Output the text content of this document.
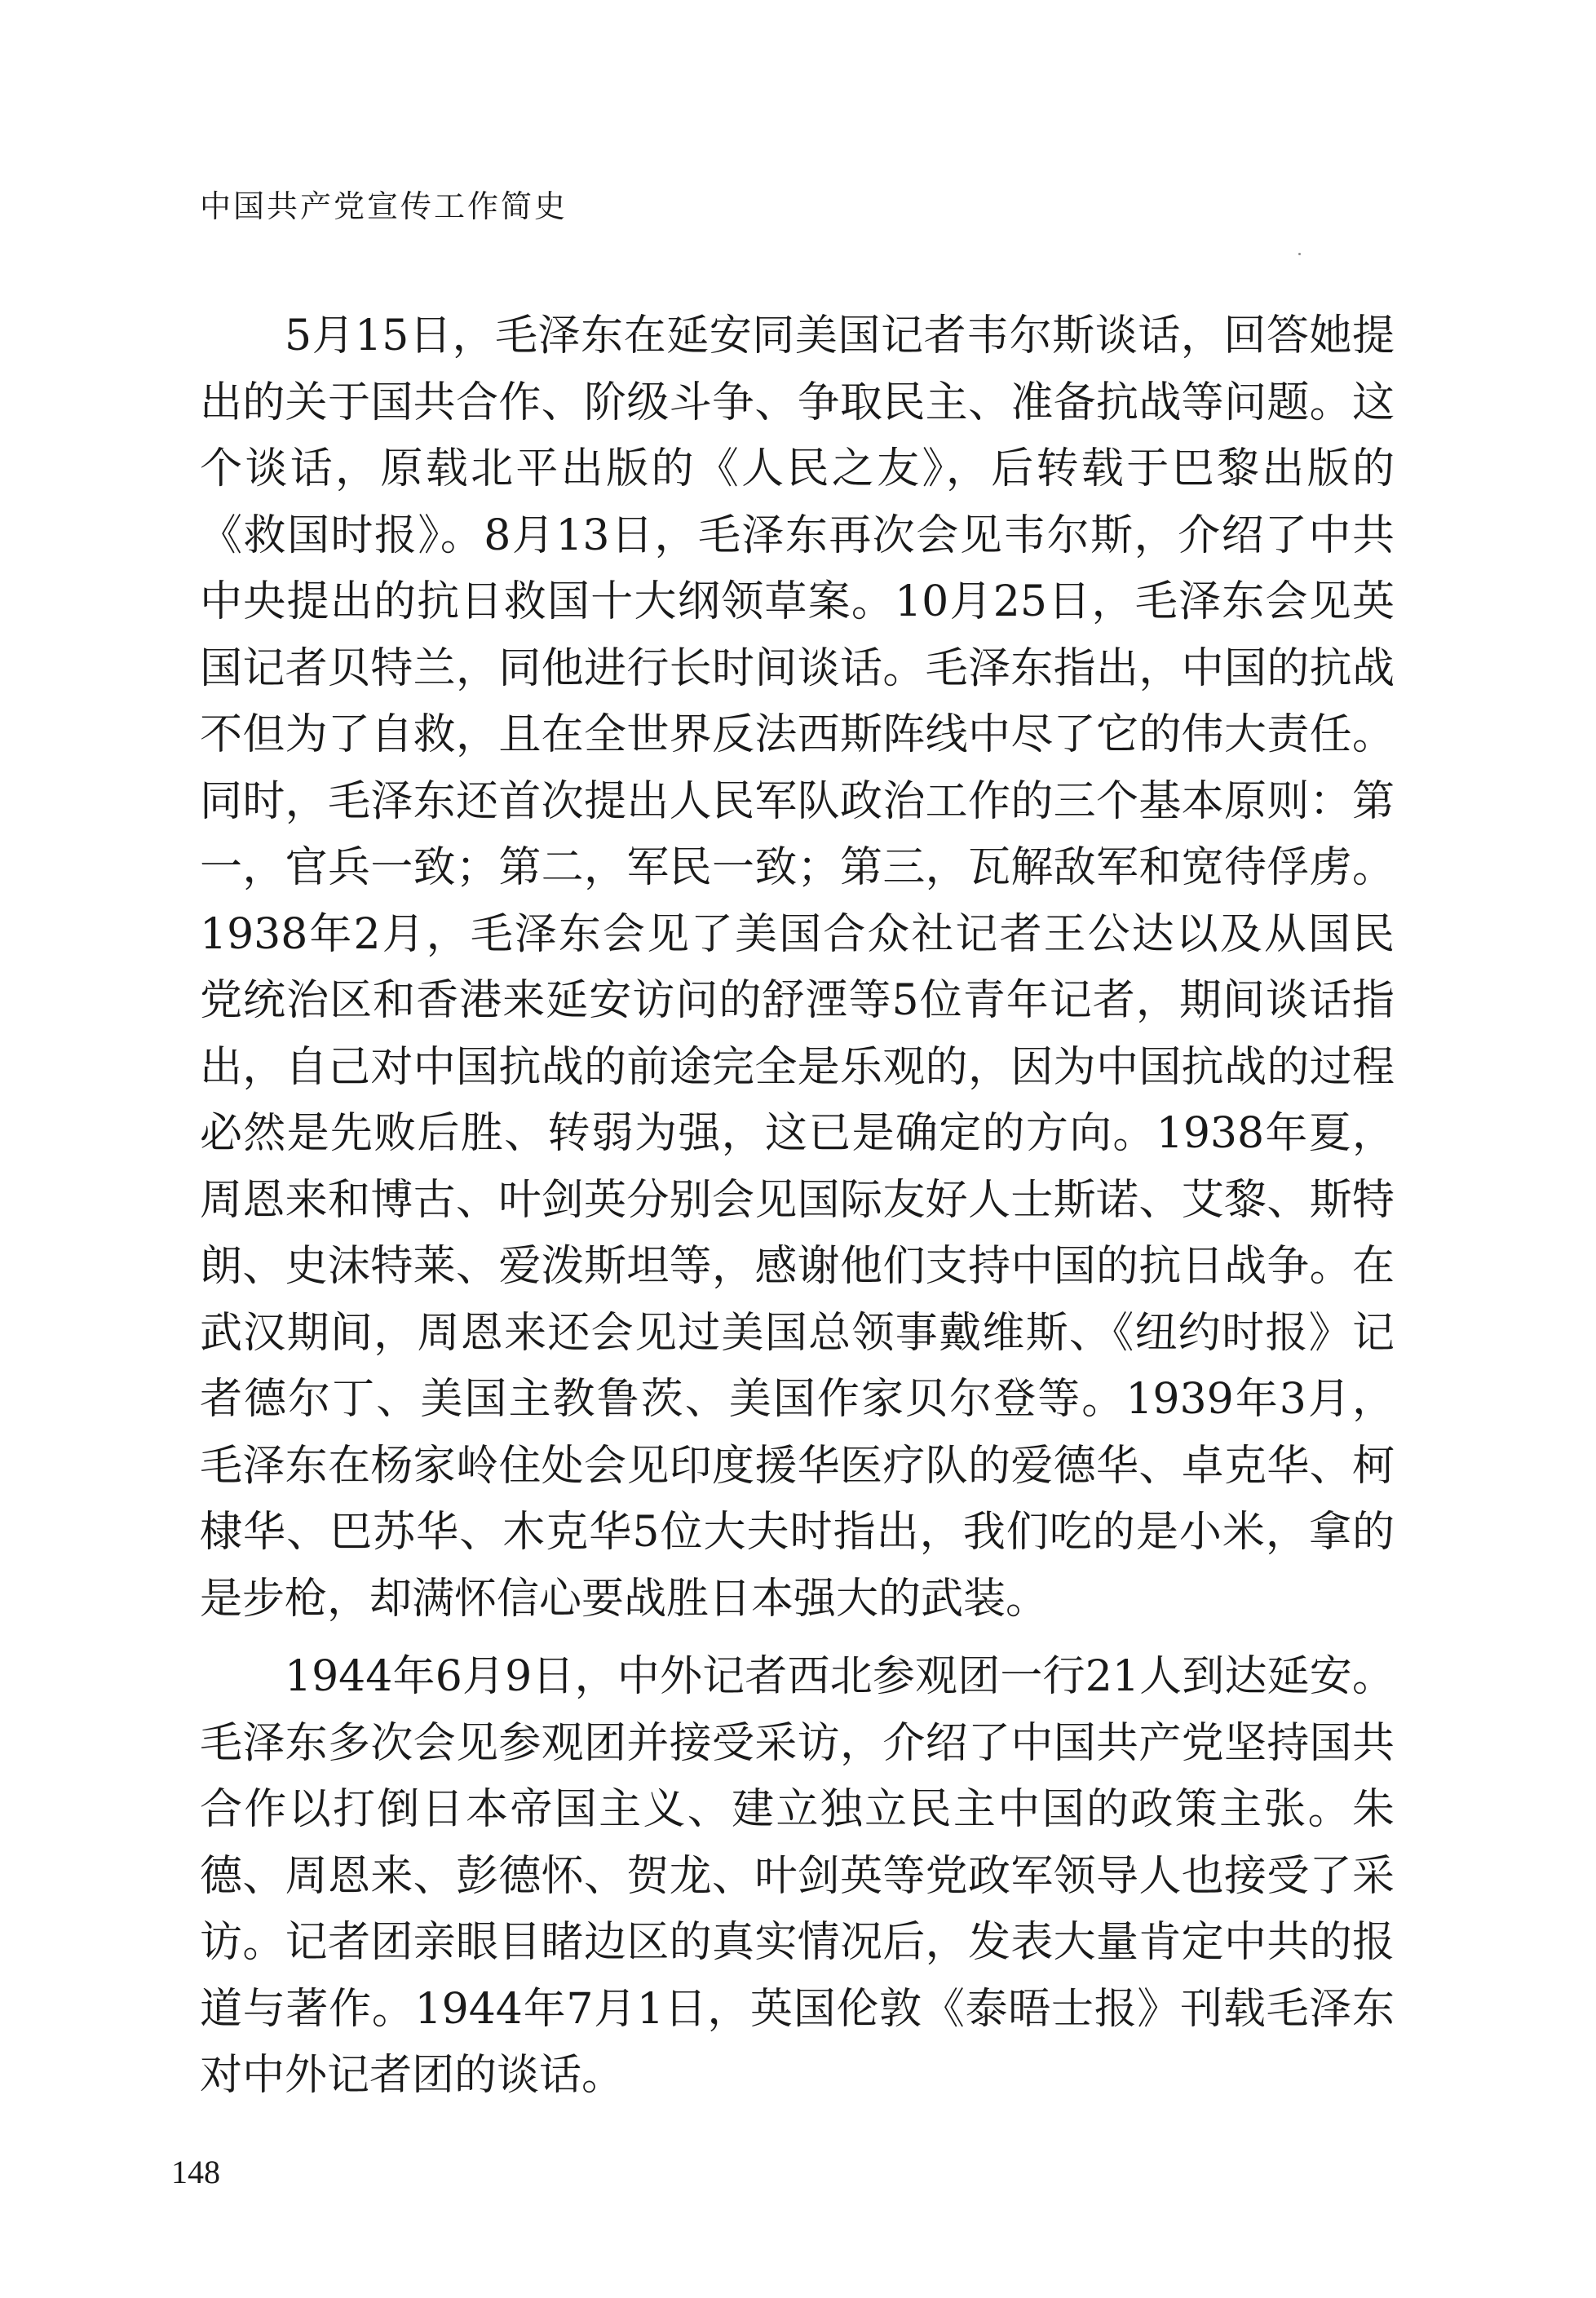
中国共产党宣传工作简史

5月15日，毛泽东在延安同美国记者韦尔斯谈话，回答她提出的关于国共合作、阶级斗争、争取民主、准备抗战等问题。这个谈话，原载北平出版的《人民之友》，后转载于巴黎出版的《救国时报》。8月13日，毛泽东再次会见韦尔斯，介绍了中共中央提出的抗日救国十大纲领草案。10月25日，毛泽东会见英国记者贝特兰，同他进行长时间谈话。毛泽东指出，中国的抗战不但为了自救，且在全世界反法西斯阵线中尽了它的伟大责任。同时，毛泽东还首次提出人民军队政治工作的三个基本原则：第一，官兵一致；第二，军民一致；第三，瓦解敌军和宽待俘虏。1938年2月，毛泽东会见了美国合众社记者王公达以及从国民党统治区和香港来延安访问的舒湮等5位青年记者，期间谈话指出，自己对中国抗战的前途完全是乐观的，因为中国抗战的过程必然是先败后胜、转弱为强，这已是确定的方向。1938年夏，周恩来和博古、叶剑英分别会见国际友好人士斯诺、艾黎、斯特朗、史沫特莱、爱泼斯坦等，感谢他们支持中国的抗日战争。在武汉期间，周恩来还会见过美国总领事戴维斯、《纽约时报》记者德尔丁、美国主教鲁茨、美国作家贝尔登等。1939年3月，毛泽东在杨家岭住处会见印度援华医疗队的爱德华、卓克华、柯棣华、巴苏华、木克华5位大夫时指出，我们吃的是小米，拿的是步枪，却满怀信心要战胜日本强大的武装。

1944年6月9日，中外记者西北参观团一行21人到达延安。毛泽东多次会见参观团并接受采访，介绍了中国共产党坚持国共合作以打倒日本帝国主义、建立独立民主中国的政策主张。朱德、周恩来、彭德怀、贺龙、叶剑英等党政军领导人也接受了采访。记者团亲眼目睹边区的真实情况后，发表大量肯定中共的报道与著作。1944年7月1日，英国伦敦《泰晤士报》刊载毛泽东对中外记者团的谈话。

148
